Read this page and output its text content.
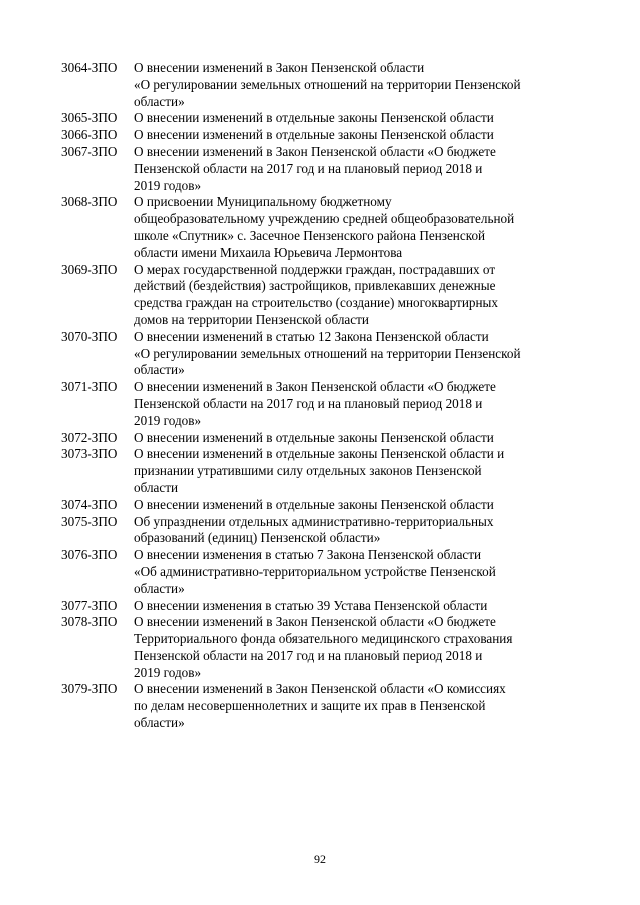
3064-ЗПО	О внесении изменений в Закон Пензенской области
«О регулировании земельных отношений на территории Пензенской
области»
3065-ЗПО	О внесении изменений в отдельные законы Пензенской области
3066-ЗПО	О внесении изменений в отдельные законы Пензенской области
3067-ЗПО	О внесении изменений в Закон Пензенской области «О бюджете
Пензенской области на 2017 год и на плановый период 2018 и
2019 годов»
3068-ЗПО	О присвоении Муниципальному бюджетному
общеобразовательному учреждению средней общеобразовательной
школе «Спутник» с. Засечное Пензенского района Пензенской
области имени Михаила Юрьевича Лермонтова
3069-ЗПО	О мерах государственной поддержки граждан, пострадавших от
действий (бездействия) застройщиков, привлекавших денежные
средства граждан на строительство (создание) многоквартирных
домов на территории Пензенской области
3070-ЗПО	О внесении изменений в статью 12 Закона Пензенской области
«О регулировании земельных отношений на территории Пензенской
области»
3071-ЗПО	О внесении изменений в Закон Пензенской области «О бюджете
Пензенской области на 2017 год и на плановый период 2018 и
2019 годов»
3072-ЗПО	О внесении изменений в отдельные законы Пензенской области
3073-ЗПО	О внесении изменений в отдельные законы Пензенской области и
признании утратившими силу отдельных законов Пензенской
области
3074-ЗПО	О внесении изменений в отдельные законы Пензенской области
3075-ЗПО	Об упразднении отдельных административно-территориальных
образований (единиц) Пензенской области»
3076-ЗПО	О внесении изменения в статью 7 Закона Пензенской области
«Об административно-территориальном устройстве Пензенской
области»
3077-ЗПО	О внесении изменения в статью 39 Устава Пензенской области
3078-ЗПО	О внесении изменений в Закон Пензенской области «О бюджете
Территориального фонда обязательного медицинского страхования
Пензенской области на 2017 год и на плановый период 2018 и
2019 годов»
3079-ЗПО	О внесении изменений в Закон Пензенской области «О комиссиях
по делам несовершеннолетних и защите их прав в Пензенской
области»
92
